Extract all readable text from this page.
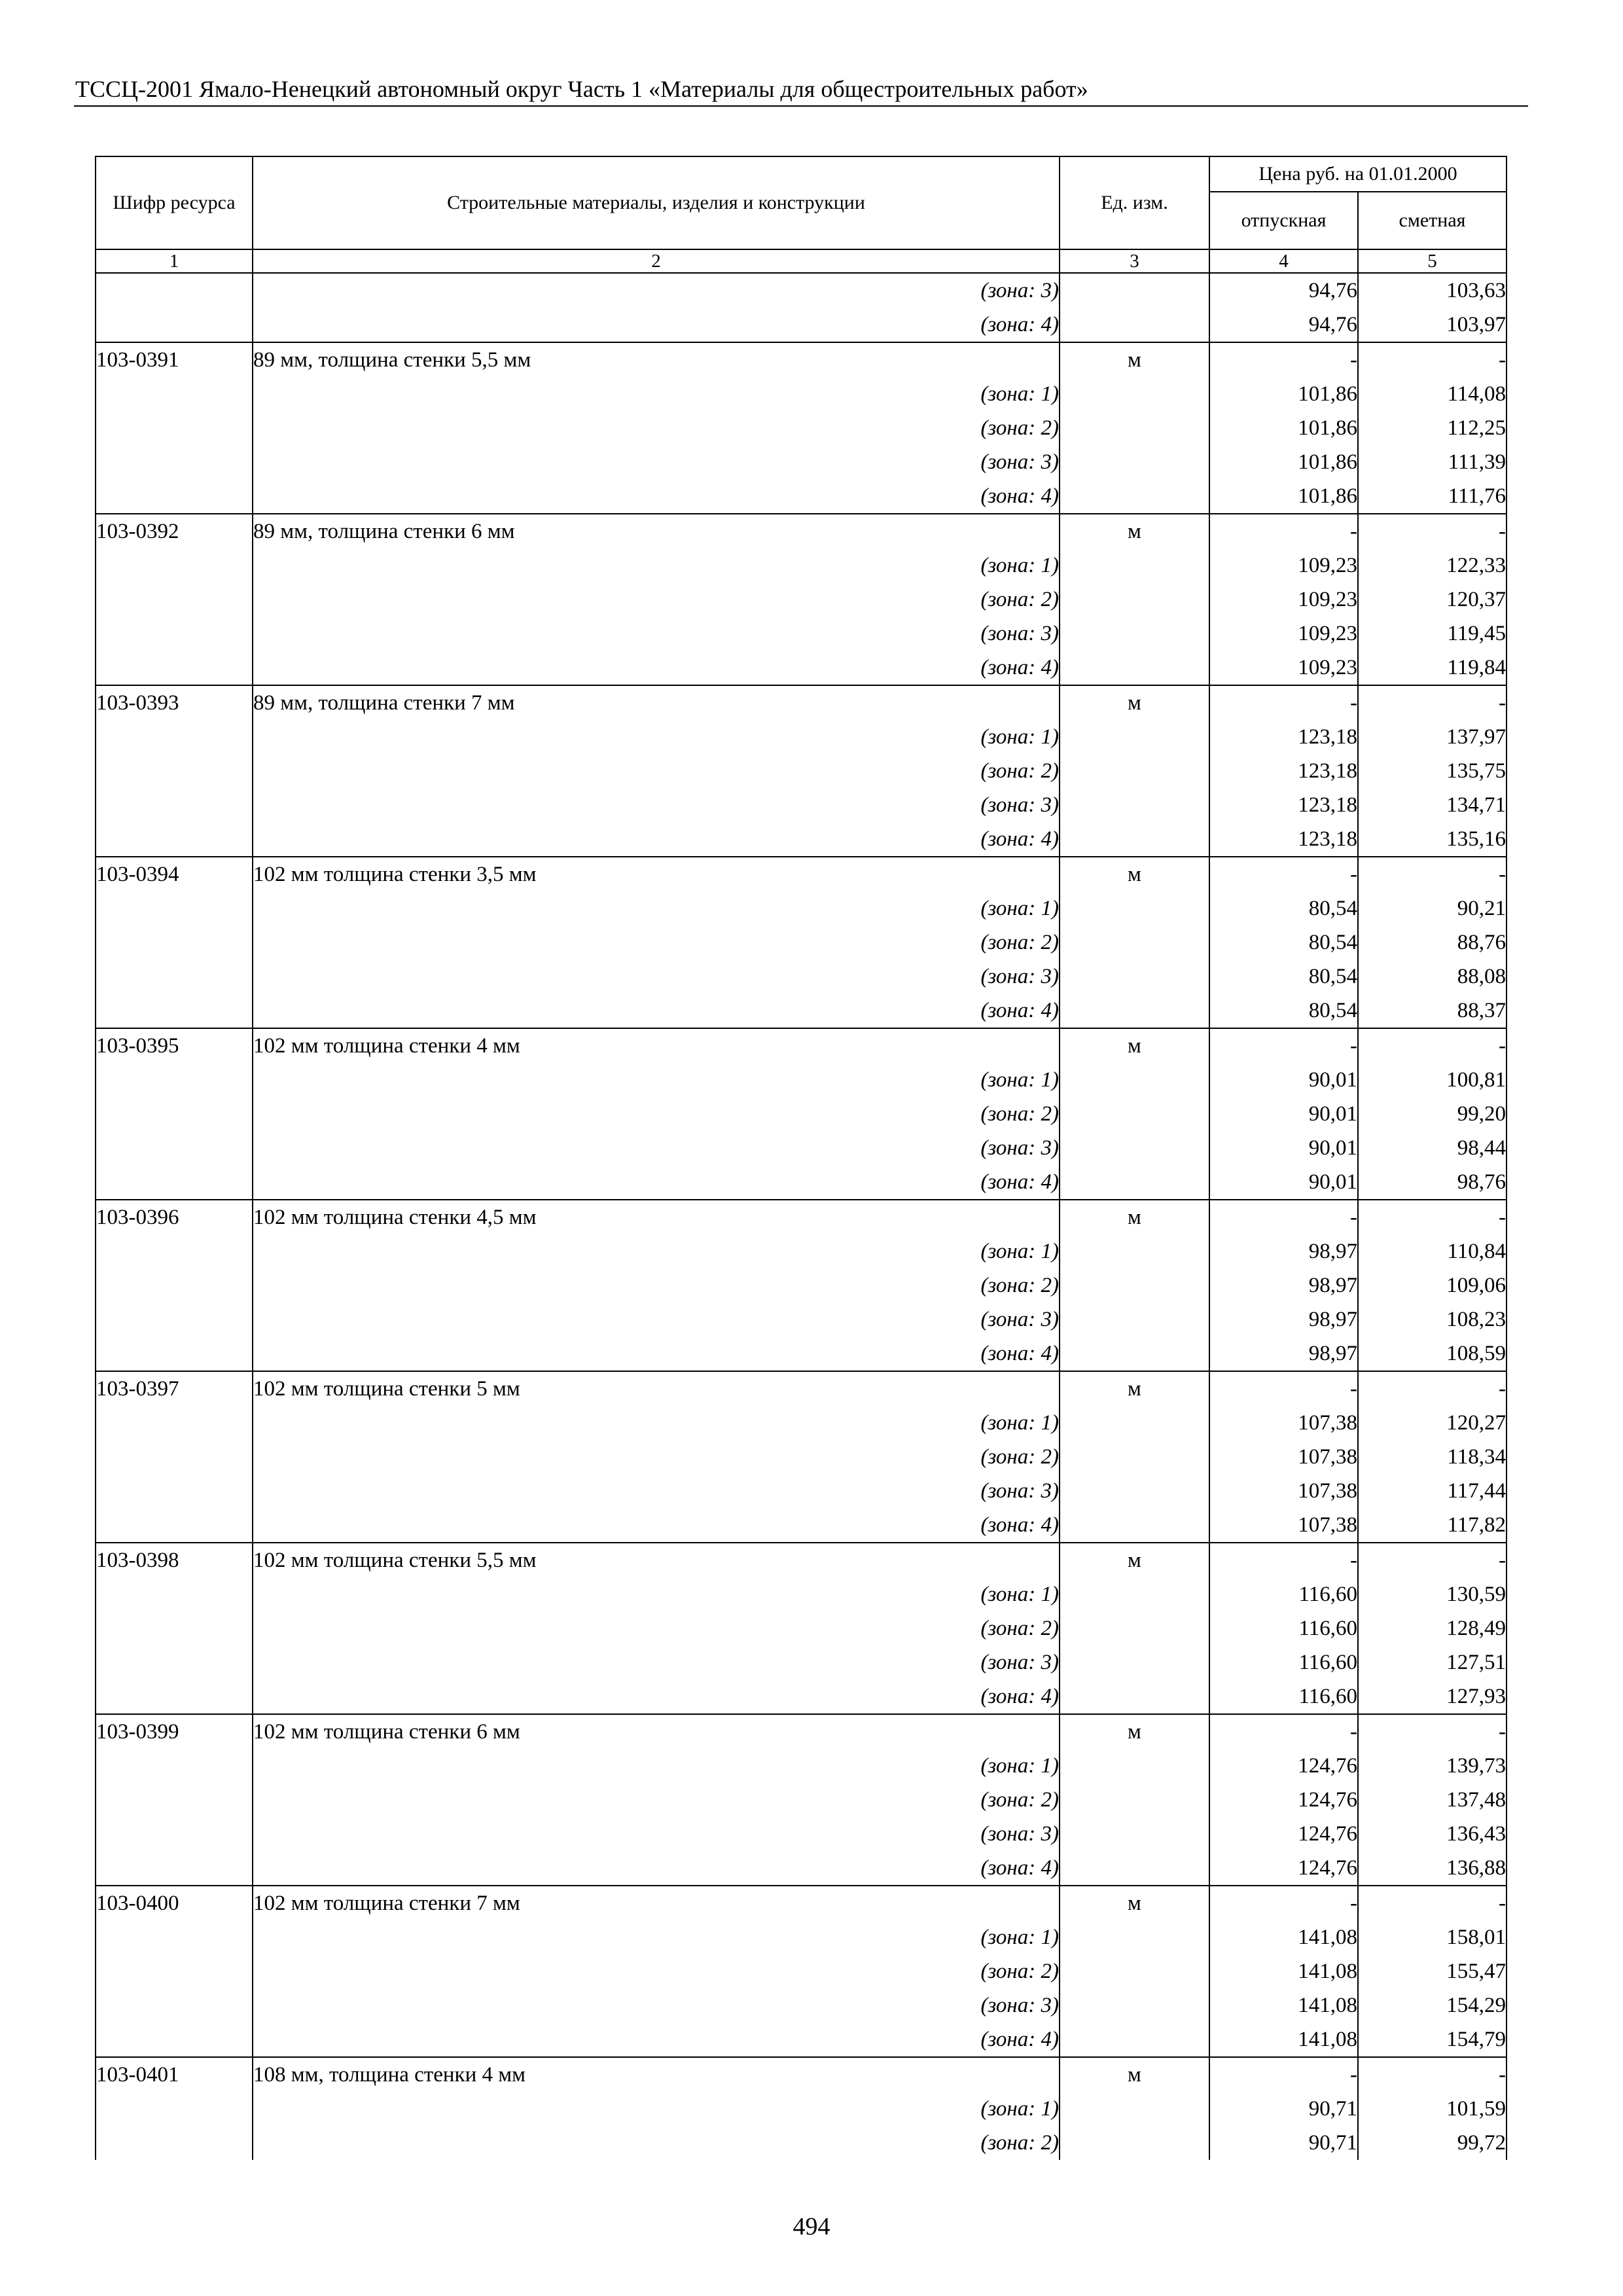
ТССЦ-2001 Ямало-Ненецкий автономный округ Часть 1 «Материалы для общестроительных работ»
Шифр ресурса	Строительные материалы, изделия и конструкции	Ед. изм.	Цена руб. на 01.01.2000	
			отпускная	сметная
1	2	3	4	5
	(зона: 3)		94,76	103,63
	(зона: 4)		94,76	103,97
103-0391	89 мм, толщина стенки 5,5 мм	м	-	-
	(зона: 1)		101,86	114,08
	(зона: 2)		101,86	112,25
	(зона: 3)		101,86	111,39
	(зона: 4)		101,86	111,76
103-0392	89 мм, толщина стенки 6 мм	м	-	-
	(зона: 1)		109,23	122,33
	(зона: 2)		109,23	120,37
	(зона: 3)		109,23	119,45
	(зона: 4)		109,23	119,84
103-0393	89 мм, толщина стенки 7 мм	м	-	-
	(зона: 1)		123,18	137,97
	(зона: 2)		123,18	135,75
	(зона: 3)		123,18	134,71
	(зона: 4)		123,18	135,16
103-0394	102 мм толщина стенки 3,5 мм	м	-	-
	(зона: 1)		80,54	90,21
	(зона: 2)		80,54	88,76
	(зона: 3)		80,54	88,08
	(зона: 4)		80,54	88,37
103-0395	102 мм толщина стенки 4 мм	м	-	-
	(зона: 1)		90,01	100,81
	(зона: 2)		90,01	99,20
	(зона: 3)		90,01	98,44
	(зона: 4)		90,01	98,76
103-0396	102 мм толщина стенки 4,5 мм	м	-	-
	(зона: 1)		98,97	110,84
	(зона: 2)		98,97	109,06
	(зона: 3)		98,97	108,23
	(зона: 4)		98,97	108,59
103-0397	102 мм толщина стенки 5 мм	м	-	-
	(зона: 1)		107,38	120,27
	(зона: 2)		107,38	118,34
	(зона: 3)		107,38	117,44
	(зона: 4)		107,38	117,82
103-0398	102 мм толщина стенки 5,5 мм	м	-	-
	(зона: 1)		116,60	130,59
	(зона: 2)		116,60	128,49
	(зона: 3)		116,60	127,51
	(зона: 4)		116,60	127,93
103-0399	102 мм толщина стенки 6 мм	м	-	-
	(зона: 1)		124,76	139,73
	(зона: 2)		124,76	137,48
	(зона: 3)		124,76	136,43
	(зона: 4)		124,76	136,88
103-0400	102 мм толщина стенки 7 мм	м	-	-
	(зона: 1)		141,08	158,01
	(зона: 2)		141,08	155,47
	(зона: 3)		141,08	154,29
	(зона: 4)		141,08	154,79
103-0401	108 мм, толщина стенки 4 мм	м	-	-
	(зона: 1)		90,71	101,59
	(зона: 2)		90,71	99,72
494
